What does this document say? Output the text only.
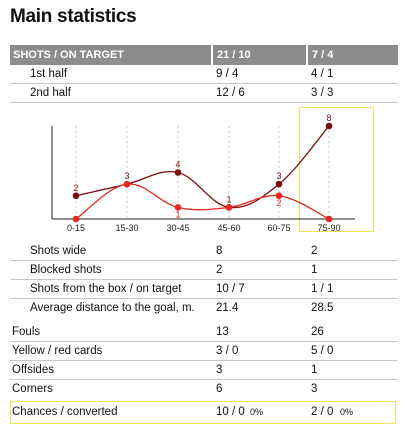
Main statistics
SHOTS / ON TARGET	21 / 10	7 / 4
1st half	9 / 4	4 / 1
2nd half	12 / 6	3 / 3
2
3
4
1
3
8
1
2
0-15	15-30	30-45	45-60	60-75	75-90
Shots wide	8	2
Blocked shots	2	1
Shots from the box / on target	10 / 7	1 / 1
Average distance to the goal, m. 21.4	28.5
Fouls	13	26
Yellow / red cards	3 / 0	5 / 0
Offsides	3	1
Corners	6	3
Chances / converted	10 / 0 0%	2 / 0 0%
